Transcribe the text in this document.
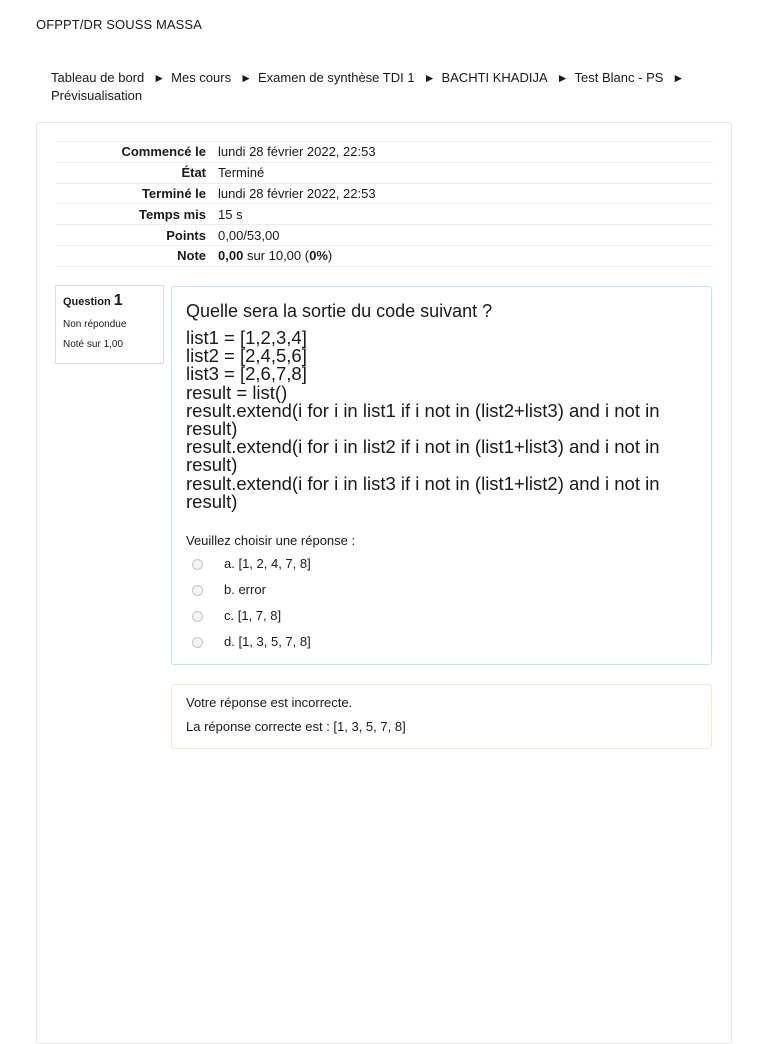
OFPPT/DR SOUSS MASSA
Tableau de bord ► Mes cours ► Examen de synthèse TDI 1 ► BACHTI KHADIJA ► Test Blanc - PS ►
Prévisualisation
Commencé le	lundi 28 février 2022, 22:53
État	Terminé
Terminé le	lundi 28 février 2022, 22:53
Temps mis	15 s
Points	0,00/53,00
Note	0,00 sur 10,00 (0%)
Question 1
Non répondue
Noté sur 1,00
Quelle sera la sortie du code suivant ?
list1 = [1,2,3,4]
list2 = [2,4,5,6]
list3 = [2,6,7,8]
result = list()
result.extend(i for i in list1 if i not in (list2+list3) and i not in result)
result.extend(i for i in list2 if i not in (list1+list3) and i not in result)
result.extend(i for i in list3 if i not in (list1+list2) and i not in result)
Veuillez choisir une réponse :
a. [1, 2, 4, 7, 8]
b. error
c. [1, 7, 8]
d. [1, 3, 5, 7, 8]
Votre réponse est incorrecte.
La réponse correcte est : [1, 3, 5, 7, 8]
